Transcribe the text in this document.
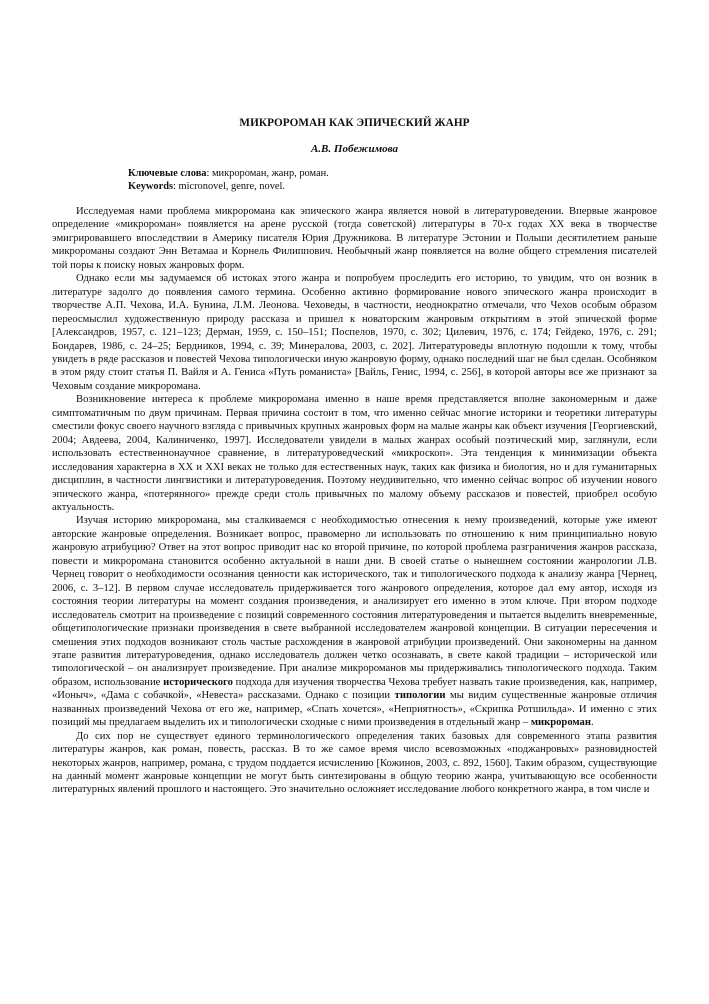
МИКРОРОМАН КАК ЭПИЧЕСКИЙ ЖАНР
А.В. Побежимова
Ключевые слова: микророман, жанр, роман.
Keywords: micronovel, genre, novel.

Исследуемая нами проблема микроромана как эпического жанра является новой в литературоведении. Впервые жанровое определение «микророман» появляется на арене русской (тогда советской) литературы в 70-х годах XX века в творчестве эмигрировавшего впоследствии в Америку писателя Юрия Дружникова. В литературе Эстонии и Польши десятилетием раньше микророманы создают Энн Ветамаа и Корнель Филиппович. Необычный жанр появляется на волне общего стремления писателей той поры к поиску новых жанровых форм.

Однако если мы задумаемся об истоках этого жанра и попробуем проследить его историю, то увидим, что он возник в литературе задолго до появления самого термина. Особенно активно формирование нового эпического жанра происходит в творчестве А.П. Чехова, И.А. Бунина, Л.М. Леонова. Чеховеды, в частности, неоднократно отмечали, что Чехов особым образом переосмыслил художественную природу рассказа и пришел к новаторским жанровым открытиям в этой эпической форме [Александров, 1957, с. 121–123; Дерман, 1959, с. 150–151; Поспелов, 1970, с. 302; Цилевич, 1976, с. 174; Гейдеко, 1976, с. 291; Бондарев, 1986, с. 24–25; Бердников, 1994, с. 39; Минералова, 2003, с. 202]. Литературоведы вплотную подошли к тому, чтобы увидеть в ряде рассказов и повестей Чехова типологически иную жанровую форму, однако последний шаг не был сделан. Особняком в этом ряду стоит статья П. Вайля и А. Гениса «Путь романиста» [Вайль, Генис, 1994, с. 256], в которой авторы все же признают за Чеховым создание микроромана.

Возникновение интереса к проблеме микроромана именно в наше время представляется вполне закономерным и даже симптоматичным по двум причинам. Первая причина состоит в том, что именно сейчас многие историки и теоретики литературы сместили фокус своего научного взгляда с привычных крупных жанровых форм на малые жанры как объект изучения [Георгиевский, 2004; Авдеева, 2004, Калиниченко, 1997]. Исследователи увидели в малых жанрах особый поэтический мир, заглянули, если использовать естественнонаучное сравнение, в литературоведческий «микроскоп». Эта тенденция к минимизации объекта исследования характерна в XX и XXI веках не только для естественных наук, таких как физика и биология, но и для гуманитарных дисциплин, в частности лингвистики и литературоведения. Поэтому неудивительно, что именно сейчас вопрос об изучении нового эпического жанра, «потерянного» прежде среди столь привычных по малому объему рассказов и повестей, приобрел особую актуальность.

Изучая историю микроромана, мы сталкиваемся с необходимостью отнесения к нему произведений, которые уже имеют авторские жанровые определения. Возникает вопрос, правомерно ли использовать по отношению к ним принципиально новую жанровую атрибуцию? Ответ на этот вопрос приводит нас ко второй причине, по которой проблема разграничения жанров рассказа, повести и микроромана становится особенно актуальной в наши дни. В своей статье о нынешнем состоянии жанрологии Л.В. Чернец говорит о необходимости осознания ценности как исторического, так и типологического подхода к анализу жанра [Чернец, 2006, с. 3–12]. В первом случае исследователь придерживается того жанрового определения, которое дал ему автор, исходя из состояния теории литературы на момент создания произведения, и анализирует его именно в этом ключе. При втором подходе исследователь смотрит на произведение с позиций современного состояния литературоведения и пытается выделить вневременные, общетипологические признаки произведения в свете выбранной исследователем жанровой концепции. В ситуации пересечения и смешения этих подходов возникают столь частые расхождения в жанровой атрибуции произведений. Они закономерны на данном этапе развития литературоведения, однако исследователь должен четко осознавать, в свете какой традиции – исторической или типологической – он анализирует произведение. При анализе микророманов мы придерживались типологического подхода. Таким образом, использование исторического подхода для изучения творчества Чехова требует назвать такие произведения, как, например, «Ионыч», «Дама с собачкой», «Невеста» рассказами. Однако с позиции типологии мы видим существенные жанровые отличия названных произведений Чехова от его же, например, «Спать хочется», «Неприятность», «Скрипка Ротшильда». И именно с этих позиций мы предлагаем выделить их и типологически сходные с ними произведения в отдельный жанр – микророман.

До сих пор не существует единого терминологического определения таких базовых для современного этапа развития литературы жанров, как роман, повесть, рассказ. В то же самое время число всевозможных «поджанровых» разновидностей некоторых жанров, например, романа, с трудом поддается исчислению [Кожинов, 2003, с. 892, 1560]. Таким образом, существующие на данный момент жанровые концепции не могут быть синтезированы в общую теорию жанра, учитывающую все особенности литературных явлений прошлого и настоящего. Это значительно осложняет исследование любого конкретного жанра, в том числе и
